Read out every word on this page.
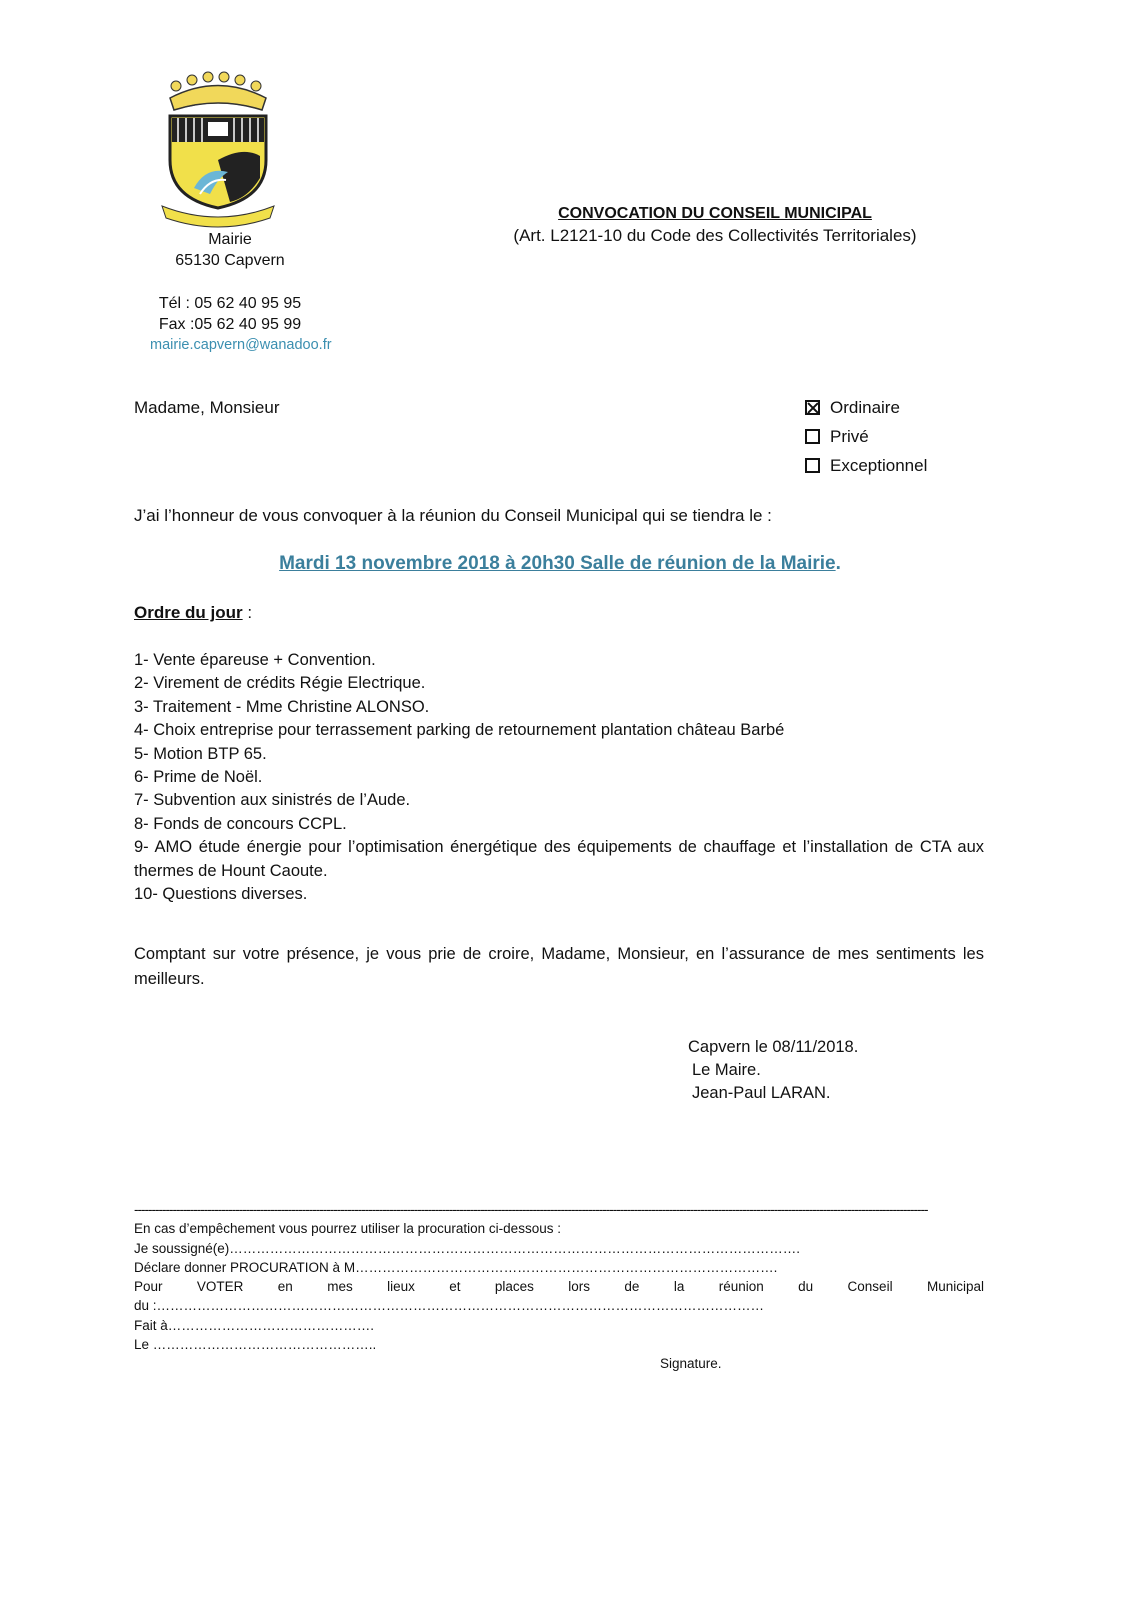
Mairie
65130 Capvern
Tél : 05 62 40 95 95
Fax :05 62 40 95 99
mairie.capvern@wanadoo.fr
CONVOCATION DU CONSEIL MUNICIPAL
(Art. L2121-10 du Code des Collectivités Territoriales)
Madame, Monsieur	Ordinaire
Privé
Exceptionnel
J’ai l’honneur de vous convoquer à la réunion du Conseil Municipal qui se tiendra le :
Mardi 13 novembre 2018 à 20h30 Salle de réunion de la Mairie.
Ordre du jour :
1- Vente épareuse + Convention.
2- Virement de crédits Régie Electrique.
3- Traitement - Mme Christine ALONSO.
4- Choix entreprise pour terrassement parking de retournement plantation château Barbé
5- Motion BTP 65.
6- Prime de Noël.
7- Subvention aux sinistrés de l’Aude.
8- Fonds de concours CCPL.
9- AMO étude énergie pour l’optimisation énergétique des équipements de chauffage et l’installation de CTA aux thermes de Hount Caoute.
10- Questions diverses.
Comptant sur votre présence, je vous prie de croire, Madame, Monsieur, en l’assurance de mes sentiments les meilleurs.
Capvern le 08/11/2018.
Le Maire.
Jean-Paul LARAN.
-----------------------------------------------------------------------------------------------------------------------------------------------------------------------------------------------------------------------------------
En cas d’empêchement vous pourrez utiliser la procuration ci-dessous :
Je soussigné(e)……………………………………………………………………………………………………………….
Déclare donner PROCURATION à M………………………………………………………………………………….
Pour	VOTER	en	mes	lieux	et	places	lors	de	la	réunion	du	Conseil	Municipal
du :………………………………………………………………………………………………………………………
Fait à……………………………………….
Le …………………………………………..
Signature.
